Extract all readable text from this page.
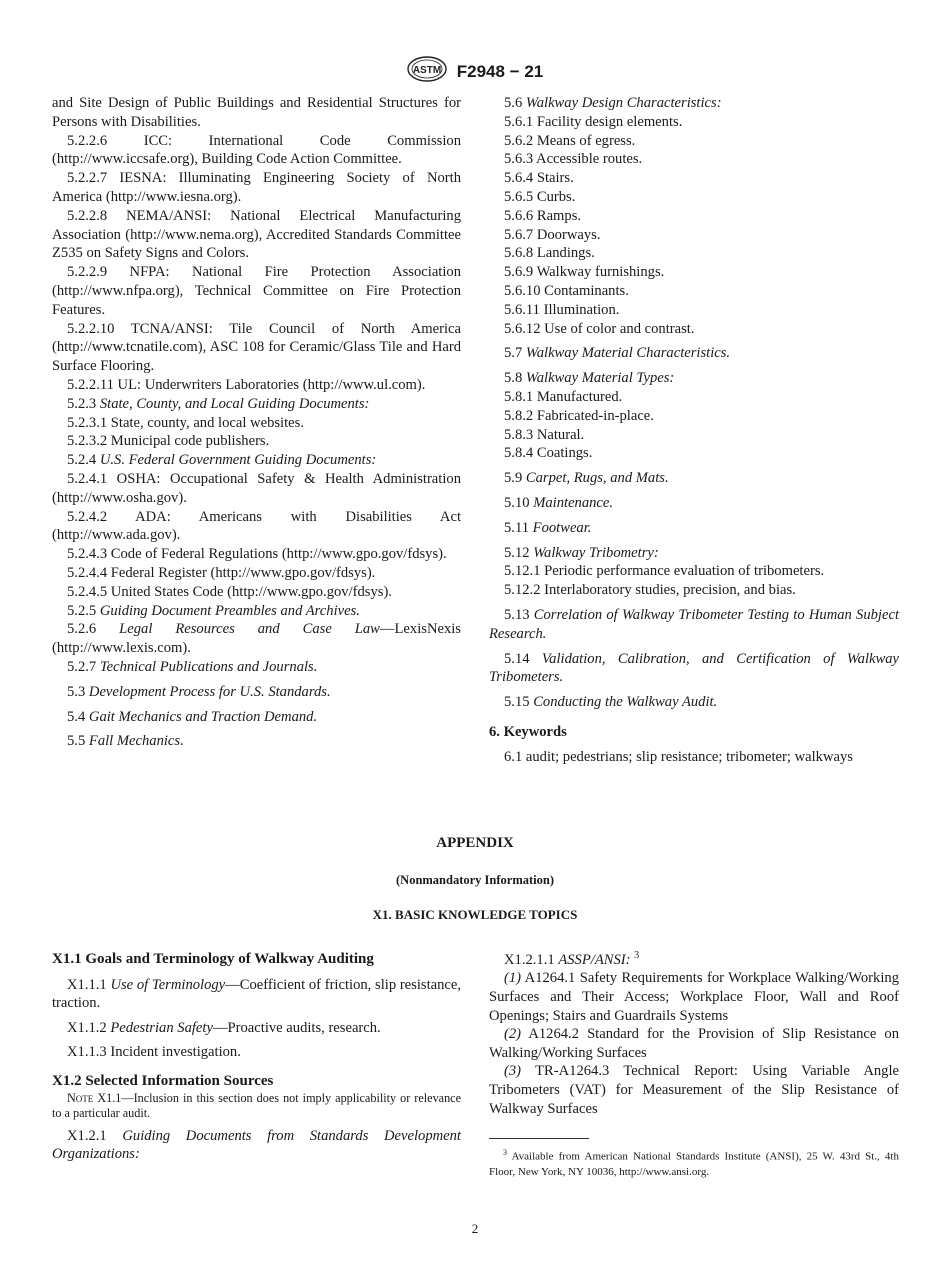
ASTM F2948 − 21

and Site Design of Public Buildings and Residential Structures for Persons with Disabilities.

5.2.2.6 ICC: International Code Commission (http://www.iccsafe.org), Building Code Action Committee.

5.2.2.7 IESNA: Illuminating Engineering Society of North America (http://www.iesna.org).

5.2.2.8 NEMA/ANSI: National Electrical Manufacturing Association (http://www.nema.org), Accredited Standards Committee Z535 on Safety Signs and Colors.

5.2.2.9 NFPA: National Fire Protection Association (http://www.nfpa.org), Technical Committee on Fire Protection Features.

5.2.2.10 TCNA/ANSI: Tile Council of North America (http://www.tcnatile.com), ASC 108 for Ceramic/Glass Tile and Hard Surface Flooring.

5.2.2.11 UL: Underwriters Laboratories (http://www.ul.com).

5.2.3 State, County, and Local Guiding Documents:

5.2.3.1 State, county, and local websites.

5.2.3.2 Municipal code publishers.

5.2.4 U.S. Federal Government Guiding Documents:

5.2.4.1 OSHA: Occupational Safety & Health Administration (http://www.osha.gov).

5.2.4.2 ADA: Americans with Disabilities Act (http://www.ada.gov).

5.2.4.3 Code of Federal Regulations (http://www.gpo.gov/fdsys).

5.2.4.4 Federal Register (http://www.gpo.gov/fdsys).

5.2.4.5 United States Code (http://www.gpo.gov/fdsys).

5.2.5 Guiding Document Preambles and Archives.

5.2.6 Legal Resources and Case Law—LexisNexis (http://www.lexis.com).

5.2.7 Technical Publications and Journals.

5.3 Development Process for U.S. Standards.

5.4 Gait Mechanics and Traction Demand.

5.5 Fall Mechanics.

5.6 Walkway Design Characteristics:

5.6.1 Facility design elements.

5.6.2 Means of egress.

5.6.3 Accessible routes.

5.6.4 Stairs.

5.6.5 Curbs.

5.6.6 Ramps.

5.6.7 Doorways.

5.6.8 Landings.

5.6.9 Walkway furnishings.

5.6.10 Contaminants.

5.6.11 Illumination.

5.6.12 Use of color and contrast.

5.7 Walkway Material Characteristics.

5.8 Walkway Material Types:

5.8.1 Manufactured.

5.8.2 Fabricated-in-place.

5.8.3 Natural.

5.8.4 Coatings.

5.9 Carpet, Rugs, and Mats.

5.10 Maintenance.

5.11 Footwear.

5.12 Walkway Tribometry:

5.12.1 Periodic performance evaluation of tribometers.

5.12.2 Interlaboratory studies, precision, and bias.

5.13 Correlation of Walkway Tribometer Testing to Human Subject Research.

5.14 Validation, Calibration, and Certification of Walkway Tribometers.

5.15 Conducting the Walkway Audit.

6. Keywords

6.1 audit; pedestrians; slip resistance; tribometer; walkways

APPENDIX
(Nonmandatory Information)
X1. BASIC KNOWLEDGE TOPICS

X1.1 Goals and Terminology of Walkway Auditing

X1.1.1 Use of Terminology—Coefficient of friction, slip resistance, traction.

X1.1.2 Pedestrian Safety—Proactive audits, research.

X1.1.3 Incident investigation.

X1.2 Selected Information Sources

Note X1.1—Inclusion in this section does not imply applicability or relevance to a particular audit.

X1.2.1 Guiding Documents from Standards Development Organizations:

X1.2.1.1 ASSP/ANSI: $^3$

(1) A1264.1 Safety Requirements for Workplace Walking/Working Surfaces and Their Access; Workplace Floor, Wall and Roof Openings; Stairs and Guardrails Systems

(2) A1264.2 Standard for the Provision of Slip Resistance on Walking/Working Surfaces

(3) TR-A1264.3 Technical Report: Using Variable Angle Tribometers (VAT) for Measurement of the Slip Resistance of Walkway Surfaces

$^3$ Available from American National Standards Institute (ANSI), 25 W. 43rd St., 4th Floor, New York, NY 10036, http://www.ansi.org.

2
